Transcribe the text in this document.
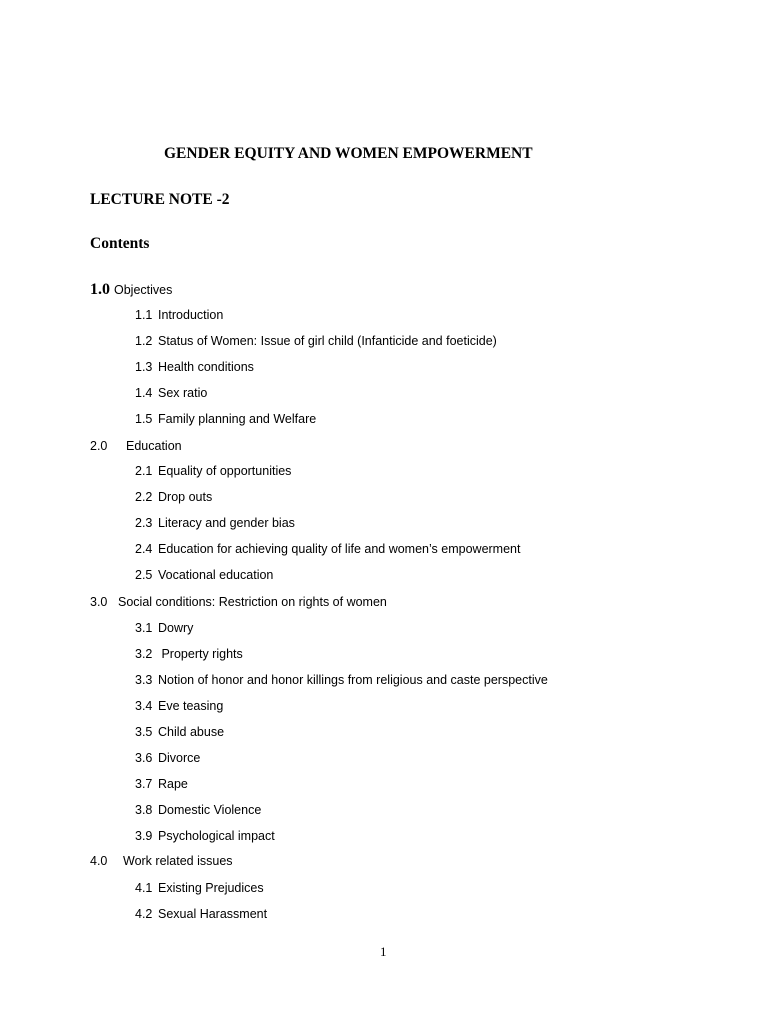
GENDER EQUITY AND WOMEN EMPOWERMENT
LECTURE NOTE -2
Contents
1.0 Objectives
1.1 Introduction
1.2 Status of Women: Issue of girl child (Infanticide and foeticide)
1.3 Health conditions
1.4 Sex ratio
1.5 Family planning and Welfare
2.0 Education
2.1 Equality of opportunities
2.2 Drop outs
2.3 Literacy and gender bias
2.4 Education for achieving quality of life and women’s empowerment
2.5 Vocational education
3.0 Social conditions: Restriction on rights of women
3.1 Dowry
3.2 Property rights
3.3 Notion of honor and honor killings from religious and caste perspective
3.4 Eve teasing
3.5 Child abuse
3.6 Divorce
3.7 Rape
3.8 Domestic Violence
3.9 Psychological impact
4.0 Work related issues
4.1 Existing Prejudices
4.2 Sexual Harassment
1
